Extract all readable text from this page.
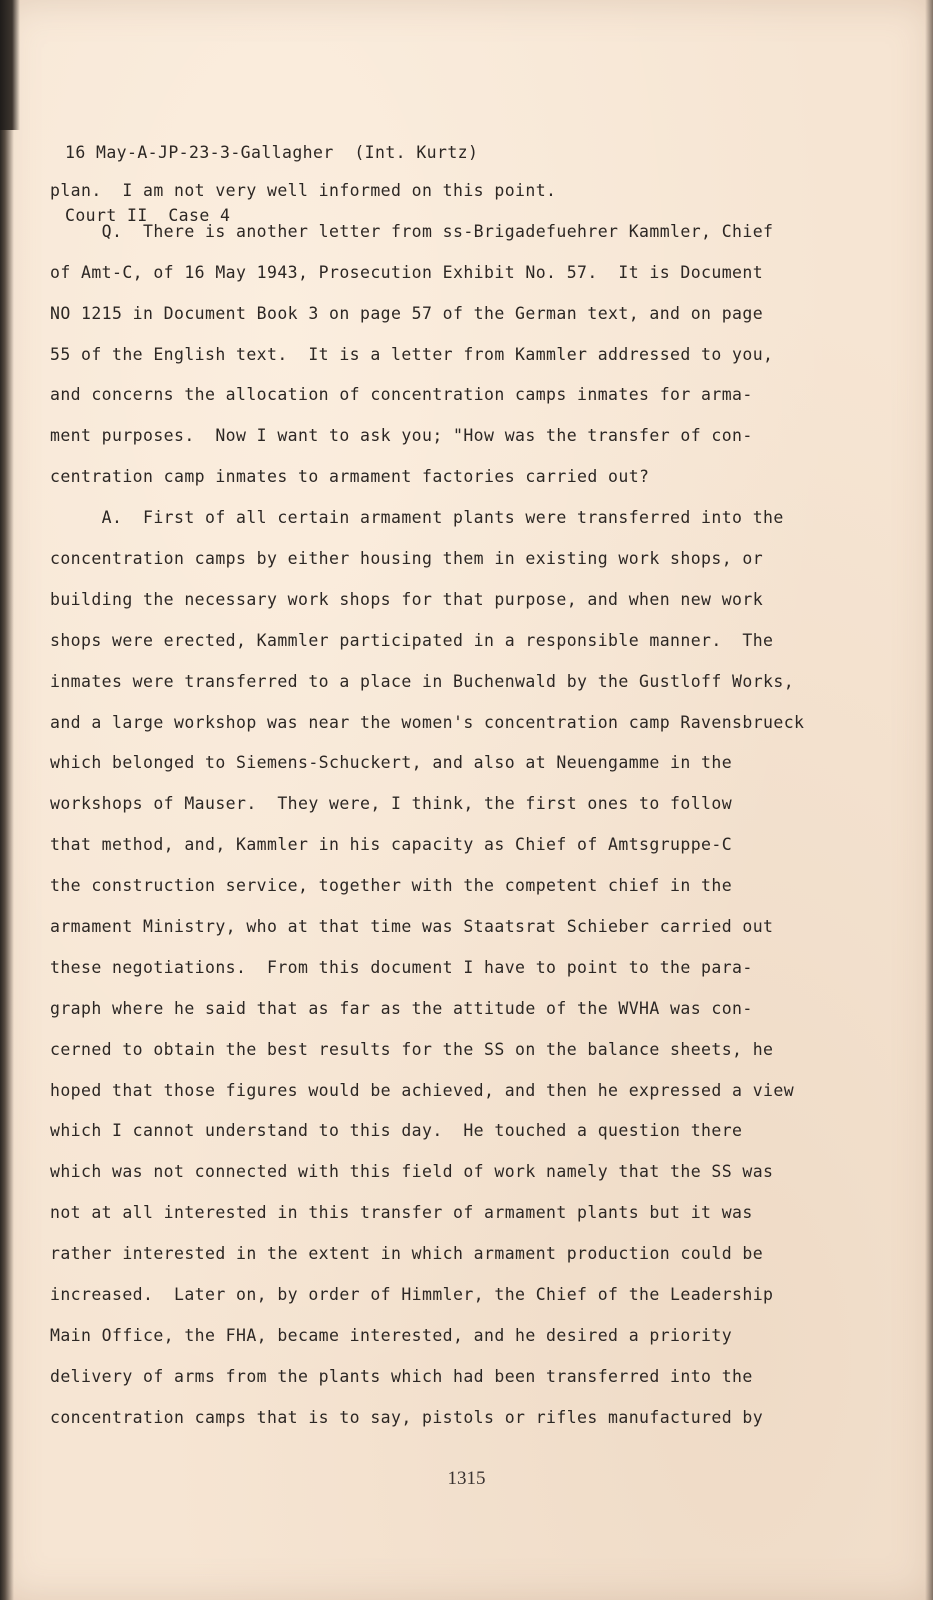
16 May-A-JP-23-3-Gallagher  (Int. Kurtz)

Court II  Case 4

plan.  I am not very well informed on this point.
Q.  There is another letter from ss-Brigadefuehrer Kammler, Chief
of Amt-C, of 16 May 1943, Prosecution Exhibit No. 57.  It is Document
NO 1215 in Document Book 3 on page 57 of the German text, and on page
55 of the English text.  It is a letter from Kammler addressed to you,
and concerns the allocation of concentration camps inmates for arma-
ment purposes.  Now I want to ask you; "How was the transfer of con-
centration camp inmates to armament factories carried out?
A.  First of all certain armament plants were transferred into the
concentration camps by either housing them in existing work shops, or
building the necessary work shops for that purpose, and when new work
shops were erected, Kammler participated in a responsible manner.  The
inmates were transferred to a place in Buchenwald by the Gustloff Works,
and a large workshop was near the women's concentration camp Ravensbrueck
which belonged to Siemens-Schuckert, and also at Neuengamme in the
workshops of Mauser.  They were, I think, the first ones to follow
that method, and, Kammler in his capacity as Chief of Amtsgruppe-C
the construction service, together with the competent chief in the
armament Ministry, who at that time was Staatsrat Schieber carried out
these negotiations.  From this document I have to point to the para-
graph where he said that as far as the attitude of the WVHA was con-
cerned to obtain the best results for the SS on the balance sheets, he
hoped that those figures would be achieved, and then he expressed a view
which I cannot understand to this day.  He touched a question there
which was not connected with this field of work namely that the SS was
not at all interested in this transfer of armament plants but it was
rather interested in the extent in which armament production could be
increased.  Later on, by order of Himmler, the Chief of the Leadership
Main Office, the FHA, became interested, and he desired a priority
delivery of arms from the plants which had been transferred into the
concentration camps that is to say, pistols or rifles manufactured by
1315
